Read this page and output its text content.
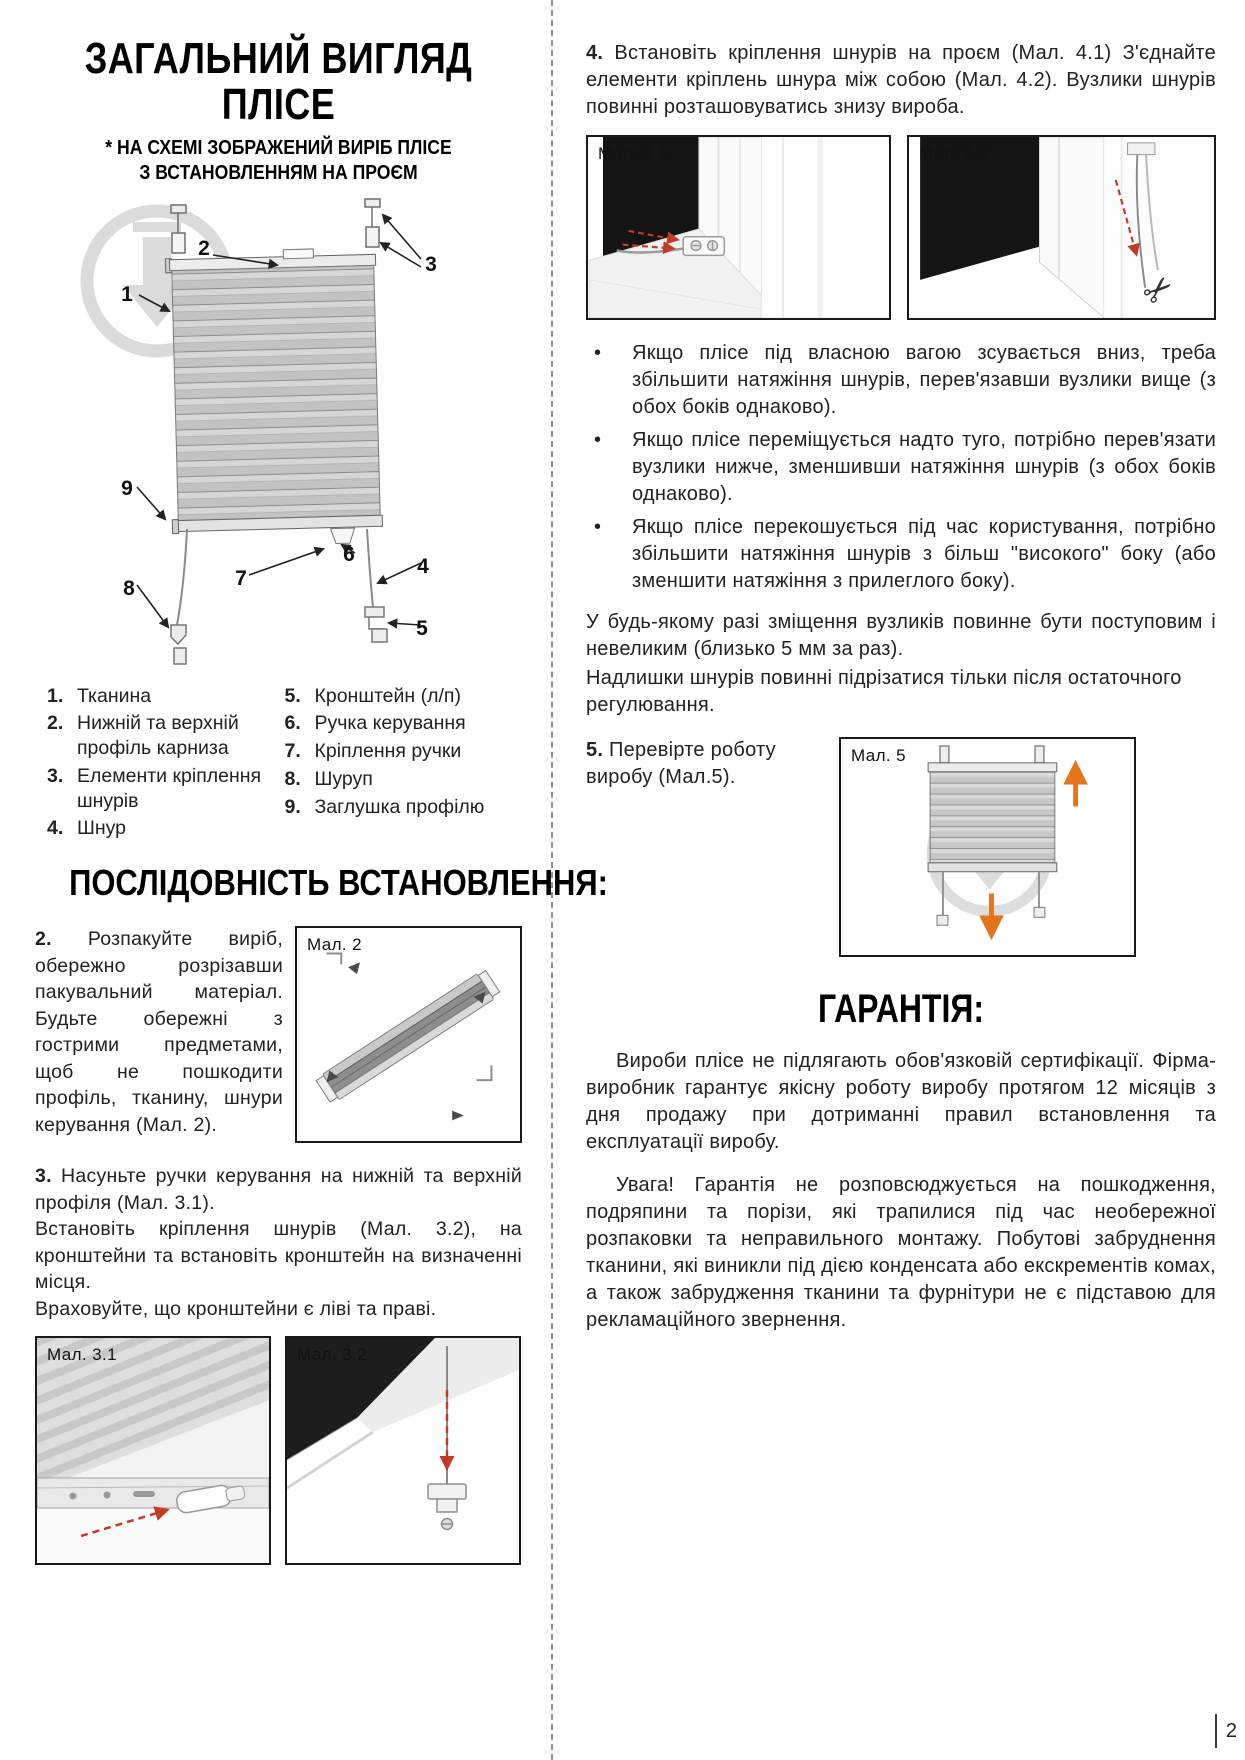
ЗАГАЛЬНИЙ ВИГЛЯД
ПЛІСЕ
* НА СХЕМІ ЗОБРАЖЕНИЙ ВИРІБ ПЛІСЕ
З ВСТАНОВЛЕННЯМ НА ПРОЄМ
1
2
3
4
5
6
7
8
9
1. Тканина
2. Нижній та верхній профіль карниза
3. Елементи кріплення шнурів
4. Шнур
5. Кронштейн (л/п)
6. Ручка керування
7. Кріплення ручки
8. Шуруп
9. Заглушка профілю
ПОСЛІДОВНІСТЬ ВСТАНОВЛЕННЯ:
2. Розпакуйте виріб, обережно розрізавши пакувальний матеріал. Будьте обережні з гострими предметами, щоб не пошкодити профіль, тканину, шнури керування (Мал. 2).
Мал. 2
3. Насуньте ручки керування на нижній та верхній профіля (Мал. 3.1).
Встановіть кріплення шнурів (Мал. 3.2), на кронштейни та встановіть кронштейн на визначенні місця.
Враховуйте, що кронштейни є ліві та праві.
Мал. 3.1	Мал. 3.2
4. Встановіть кріплення шнурів на проєм (Мал. 4.1) З'єднайте елементи кріплень шнура між собою (Мал. 4.2). Вузлики шнурів повинні розташовуватись знизу вироба.
Мал. 4.1	Мал. 4.2
✂
•	Якщо плісе під власною вагою зсувається вниз, треба збільшити натяжіння шнурів, перев'язавши вузлики вище (з обох боків однаково).
•	Якщо плісе переміщується надто туго, потрібно перев'язати вузлики нижче, зменшивши натяжіння шнурів (з обох боків однаково).
•	Якщо плісе перекошується під час користування, потрібно збільшити натяжіння шнурів з більш "високого" боку (або зменшити натяжіння з прилеглого боку).
У будь-якому разі зміщення вузликів повинне бути поступовим і невеликим (близько 5 мм за раз).
Надлишки шнурів повинні підрізатися тільки після остаточного регулювання.
5. Перевірте роботу виробу (Мал.5).
Мал. 5
ГАРАНТІЯ:
Вироби плісе не підлягають обов'язковій сертифікації. Фірма-виробник гарантує якісну роботу виробу протягом 12 місяців з дня продажу при дотриманні правил встановлення та експлуатації виробу.
Увага! Гарантія не розповсюджується на пошкодження, подряпини та порізи, які трапилися під час необережної розпаковки та неправильного монтажу. Побутові забруднення тканини, які виникли під дією конденсата або екскрементів комах, а також забрудження тканини та фурнітури не є підставою для рекламаційного звернення.
2
